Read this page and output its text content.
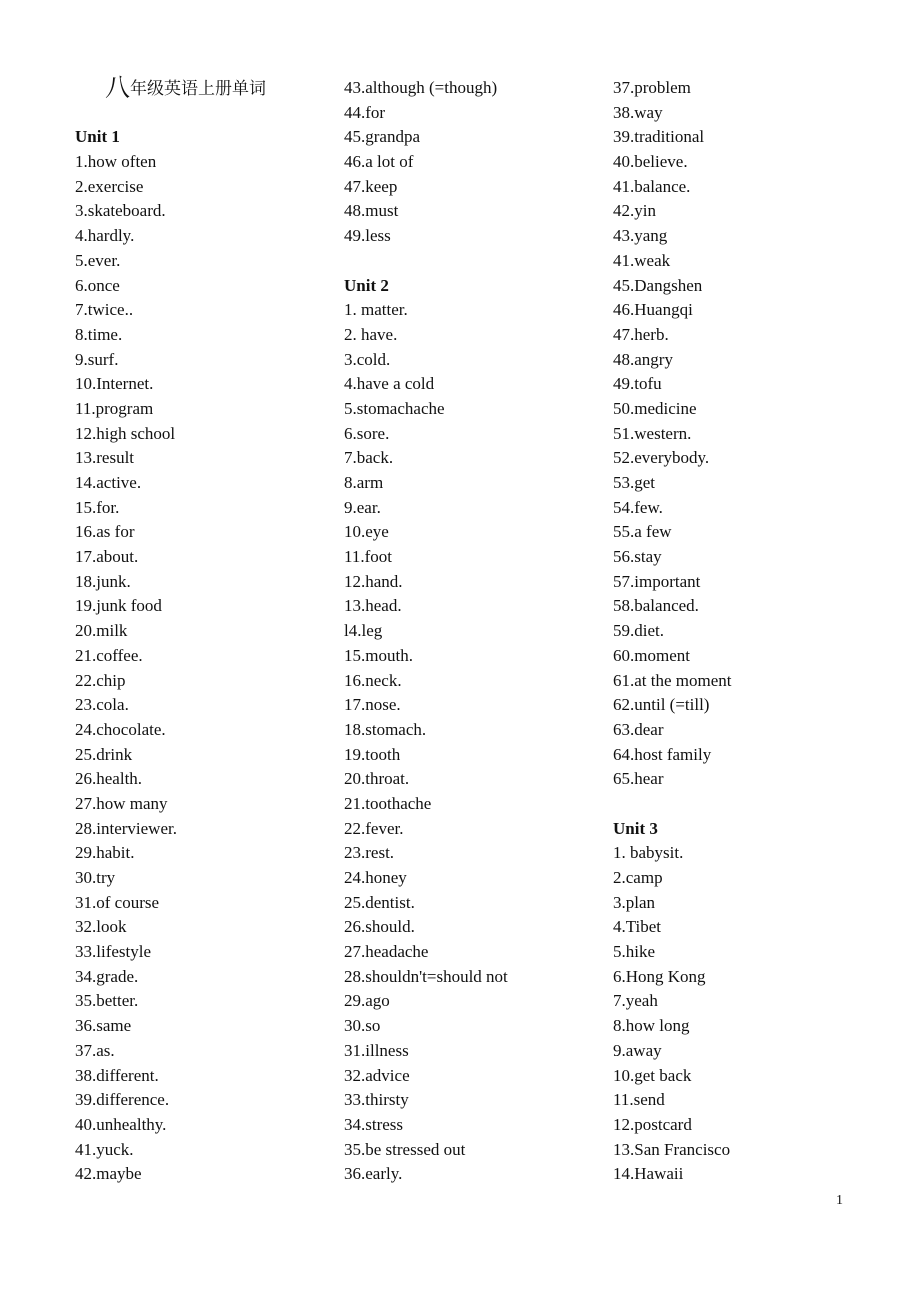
八年级英语上册单词
Unit 1
1.how often
2.exercise
3.skateboard.
4.hardly.
5.ever.
6.once
7.twice..
8.time.
9.surf.
10.Internet.
11.program
12.high school
13.result
14.active.
15.for.
16.as for
17.about.
18.junk.
19.junk food
20.milk
21.coffee.
22.chip
23.cola.
24.chocolate.
25.drink
26.health.
27.how many
28.interviewer.
29.habit.
30.try
31.of course
32.look
33.lifestyle
34.grade.
35.better.
36.same
37.as.
38.different.
39.difference.
40.unhealthy.
41.yuck.
42.maybe
43.although (=though)
44.for
45.grandpa
46.a lot of
47.keep
48.must
49.less
Unit 2
1. matter.
2. have.
3.cold.
4.have a cold
5.stomachache
6.sore.
7.back.
8.arm
9.ear.
10.eye
11.foot
12.hand.
13.head.
l4.leg
15.mouth.
16.neck.
17.nose.
18.stomach.
19.tooth
20.throat.
21.toothache
22.fever.
23.rest.
24.honey
25.dentist.
26.should.
27.headache
28.shouldn't=should not
29.ago
30.so
31.illness
32.advice
33.thirsty
34.stress
35.be stressed out
36.early.
37.problem
38.way
39.traditional
40.believe.
41.balance.
42.yin
43.yang
41.weak
45.Dangshen
46.Huangqi
47.herb.
48.angry
49.tofu
50.medicine
51.western.
52.everybody.
53.get
54.few.
55.a few
56.stay
57.important
58.balanced.
59.diet.
60.moment
61.at the moment
62.until (=till)
63.dear
64.host family
65.hear
Unit 3
1. babysit.
2.camp
3.plan
4.Tibet
5.hike
6.Hong Kong
7.yeah
8.how long
9.away
10.get back
11.send
12.postcard
13.San Francisco
14.Hawaii
1
